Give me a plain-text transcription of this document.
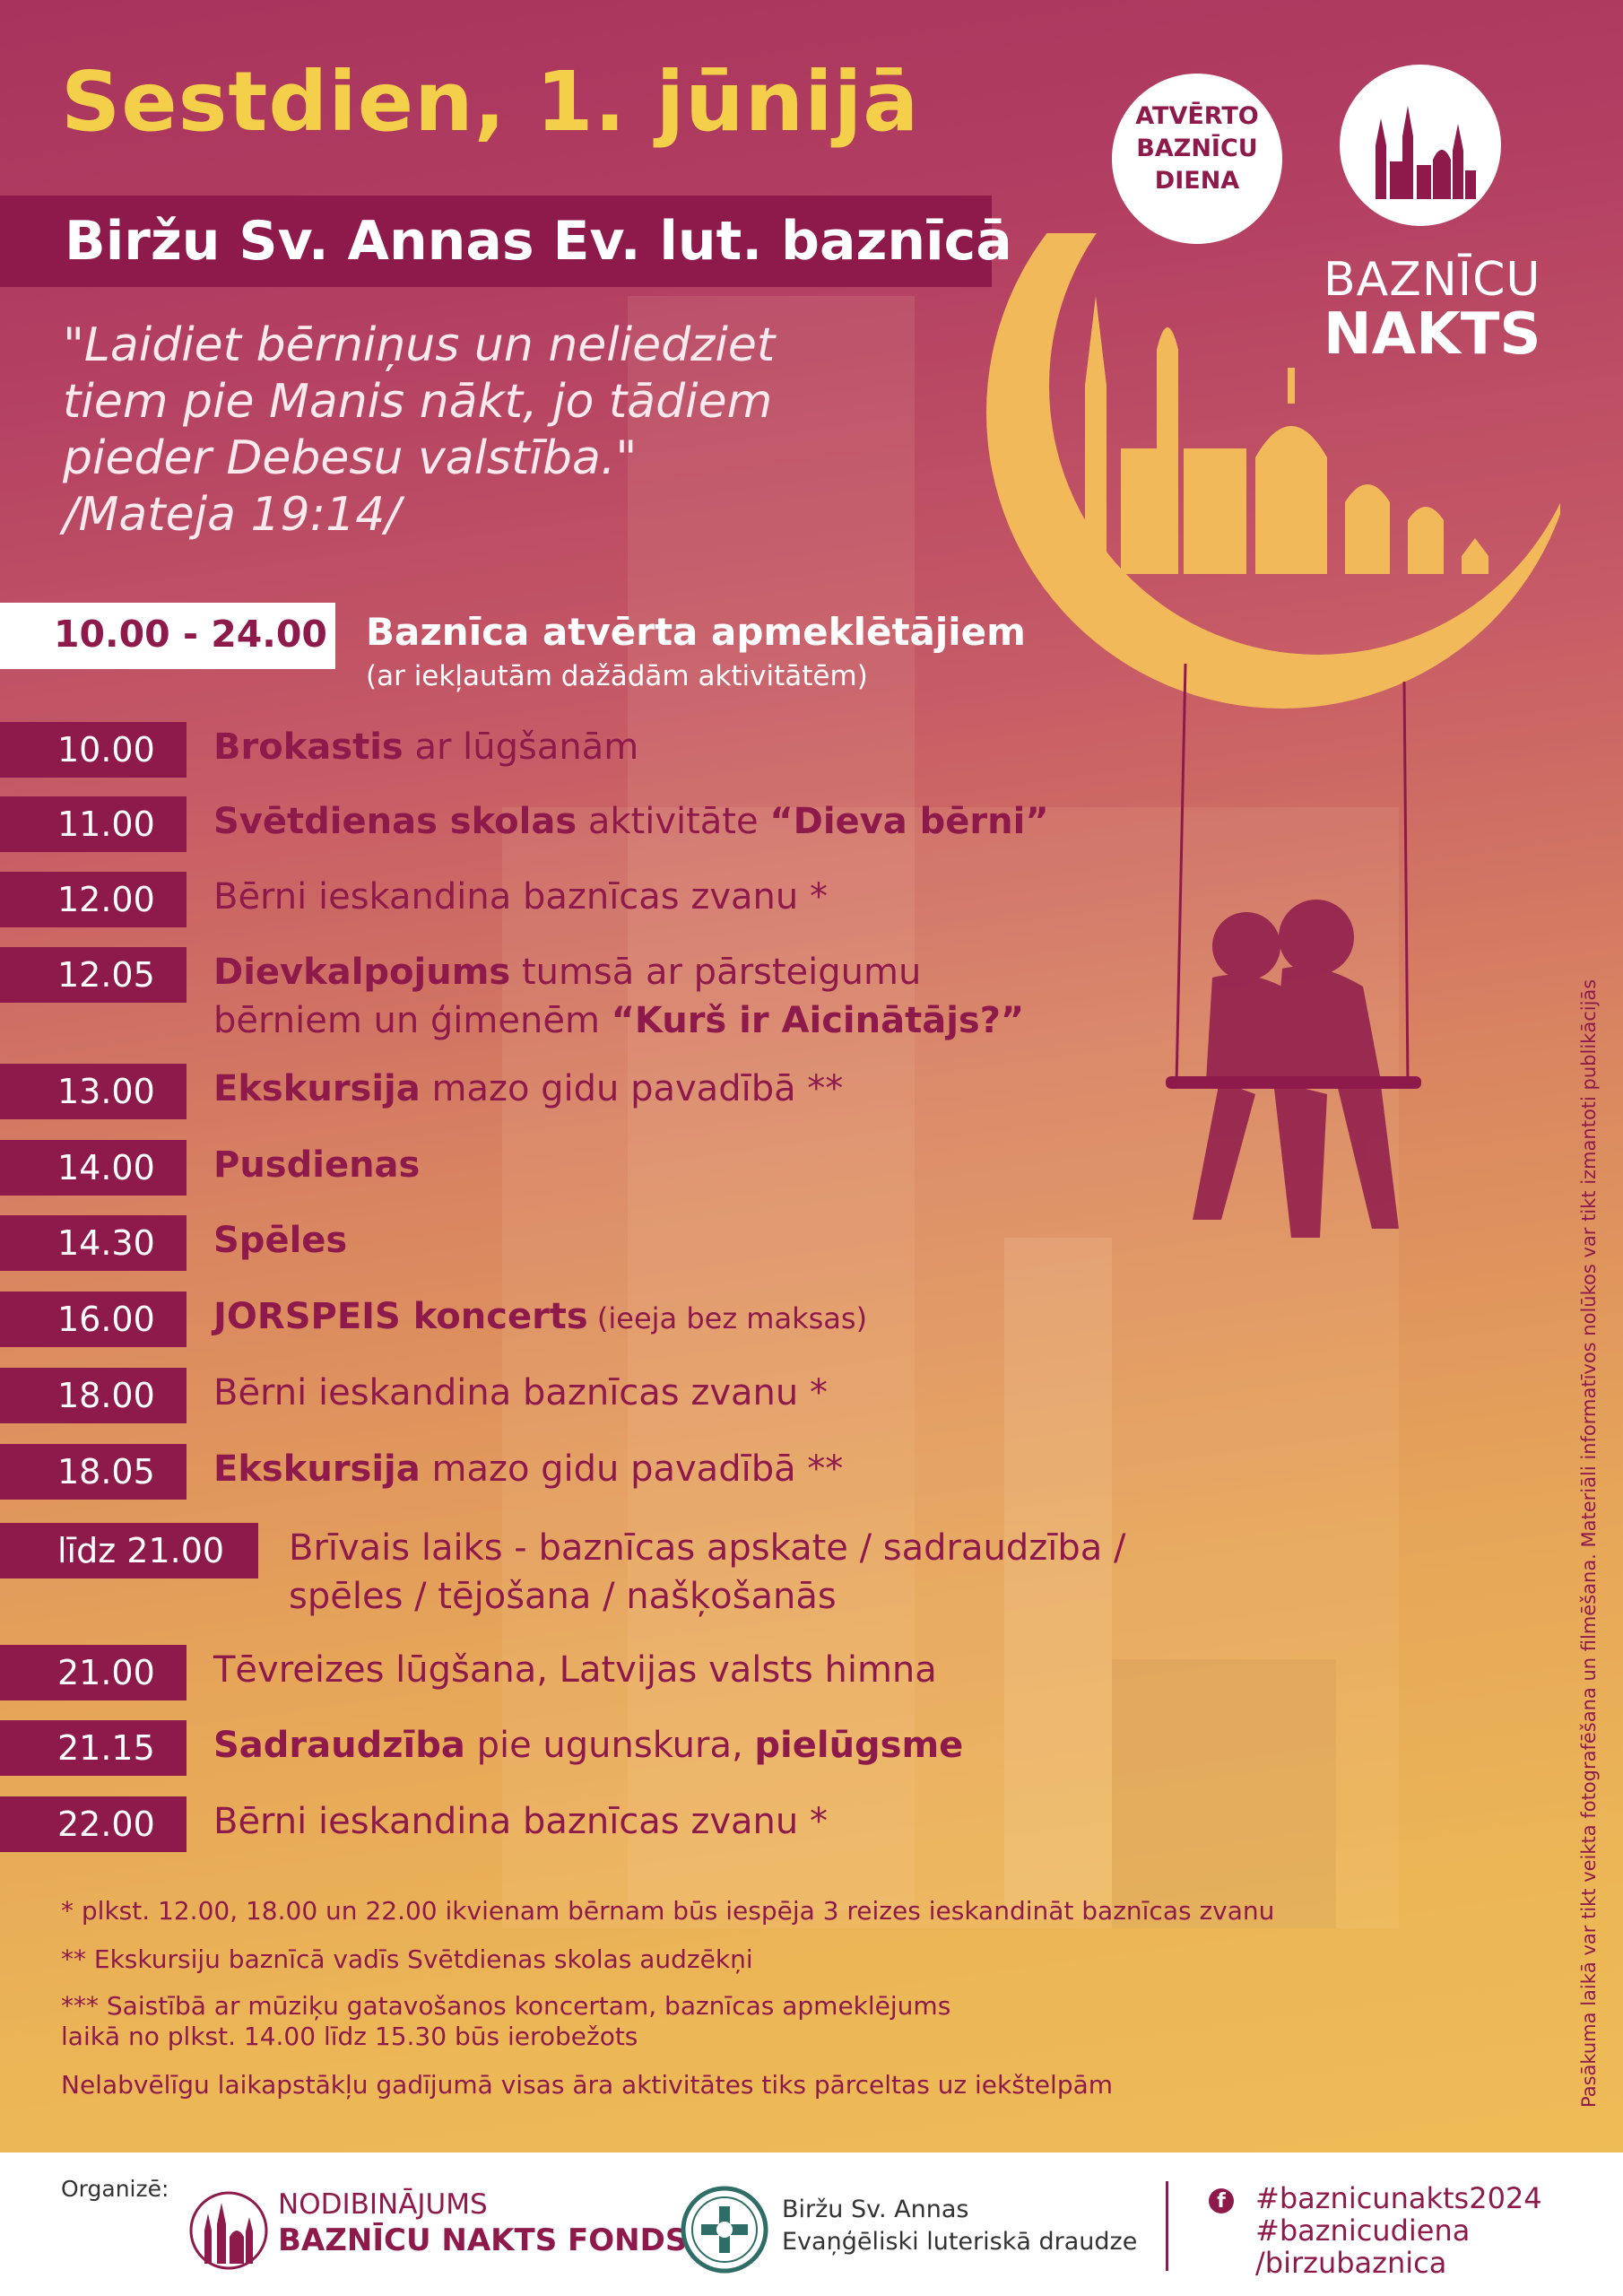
Sestdien, 1. jūnijā
Biržu Sv. Annas Ev. lut. baznīcā
"Laidiet bērniņus un neliedziet
tiem pie Manis nākt, jo tādiem
pieder Debesu valstība."
/Mateja 19:14/
ATVĒRTO
BAZNĪCU
DIENA
10.00 - 24.00 Baznīca atvērta apmeklētājiem
(ar iekļautām dažādām aktivitātēm)
10.00 Brokastis ar lūgšanām
11.00 Svētdienas skolas aktivitāte “Dieva bērni”
12.00 Bērni ieskandina baznīcas zvanu *
12.05 Dievkalpojums tumsā ar pārsteigumu
bērniem un ģimenēm “Kurš ir Aicinātājs?”
13.00 Ekskursija mazo gidu pavadībā **
14.00 Pusdienas
14.30 Spēles
16.00 JORSPEIS koncerts (ieeja bez maksas)
18.00 Bērni ieskandina baznīcas zvanu *
18.05 Ekskursija mazo gidu pavadībā **
līdz 21.00 Brīvais laiks - baznīcas apskate / sadraudzība /
spēles / tējošana / našķošanās
21.00 Tēvreizes lūgšana, Latvijas valsts himna
21.15 Sadraudzība pie ugunskura, pielūgsme
22.00 Bērni ieskandina baznīcas zvanu *
* plkst. 12.00, 18.00 un 22.00 ikvienam bērnam būs iespēja 3 reizes ieskandināt baznīcas zvanu
** Ekskursiju baznīcā vadīs Svētdienas skolas audzēkņi
*** Saistībā ar mūziķu gatavošanos koncertam, baznīcas apmeklējums
laikā no plkst. 14.00 līdz 15.30 būs ierobežots
Nelabvēlīgu laikapstākļu gadījumā visas āra aktivitātes tiks pārceltas uz iekštelpām	Pasākuma laikā var tikt veikta fotografēšana un filmēšana. Materiāli informatīvos nolūkos var tikt izmantoti publikācijās
Organizē:	NODIBINĀJUMS
BAZNĪCU NAKTS FONDS
Biržu Sv. Annas
Evaņģēliski luteriskā draudze
f #baznicunakts2024
#baznicudiena
/birzubaznica
